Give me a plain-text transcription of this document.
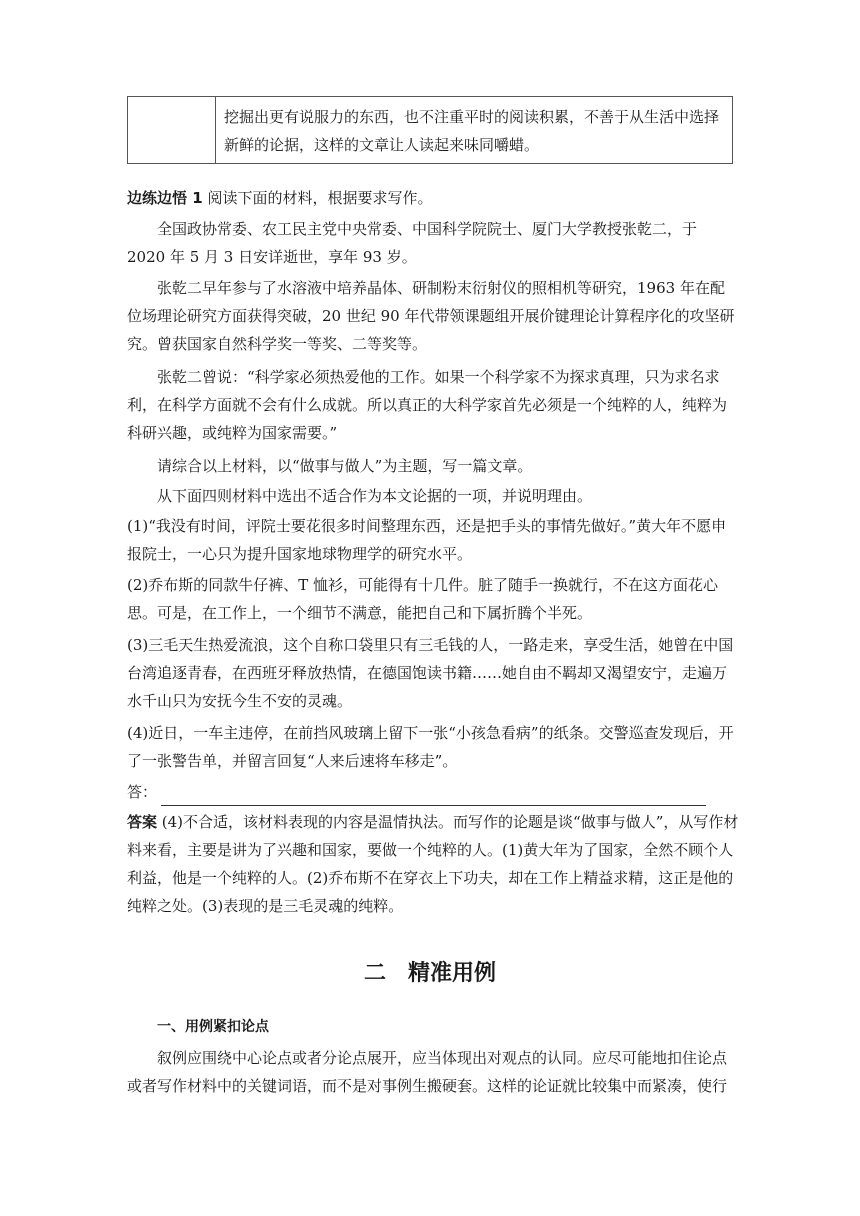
挖掘出更有说服力的东西，也不注重平时的阅读积累，不善于从生活中选择新鲜的论据，这样的文章让人读起来味同嚼蜡。
边练边悟 1 阅读下面的材料，根据要求写作。
全国政协常委、农工民主党中央常委、中国科学院院士、厦门大学教授张乾二，于 2020 年 5 月 3 日安详逝世，享年 93 岁。
张乾二早年参与了水溶液中培养晶体、研制粉末衍射仪的照相机等研究，1963 年在配位场理论研究方面获得突破，20 世纪 90 年代带领课题组开展价键理论计算程序化的攻坚研究。曾获国家自然科学奖一等奖、二等奖等。
张乾二曾说：“科学家必须热爱他的工作。如果一个科学家不为探求真理，只为求名求利，在科学方面就不会有什么成就。所以真正的大科学家首先必须是一个纯粹的人，纯粹为科研兴趣，或纯粹为国家需要。”
请综合以上材料，以“做事与做人”为主题，写一篇文章。
从下面四则材料中选出不适合作为本文论据的一项，并说明理由。
(1)“我没有时间，评院士要花很多时间整理东西，还是把手头的事情先做好。”黄大年不愿申报院士，一心只为提升国家地球物理学的研究水平。
(2)乔布斯的同款牛仔裤、T 恤衫，可能得有十几件。脏了随手一换就行，不在这方面花心思。可是，在工作上，一个细节不满意，能把自己和下属折腾个半死。
(3)三毛天生热爱流浪，这个自称口袋里只有三毛钱的人，一路走来，享受生活，她曾在中国台湾追逐青春，在西班牙释放热情，在德国饱读书籍……她自由不羁却又渴望安宁，走遍万水千山只为安抚今生不安的灵魂。
(4)近日，一车主违停，在前挡风玻璃上留下一张“小孩急看病”的纸条。交警巡查发现后，开了一张警告单，并留言回复“人来后速将车移走”。
答：
答案 (4)不合适，该材料表现的内容是温情执法。而写作的论题是谈“做事与做人”，从写作材料来看，主要是讲为了兴趣和国家，要做一个纯粹的人。(1)黄大年为了国家，全然不顾个人利益，他是一个纯粹的人。(2)乔布斯不在穿衣上下功夫，却在工作上精益求精，这正是他的纯粹之处。(3)表现的是三毛灵魂的纯粹。
二　精准用例
一、用例紧扣论点
叙例应围绕中心论点或者分论点展开，应当体现出对观点的认同。应尽可能地扣住论点或者写作材料中的关键词语，而不是对事例生搬硬套。这样的论证就比较集中而紧凑，使行
